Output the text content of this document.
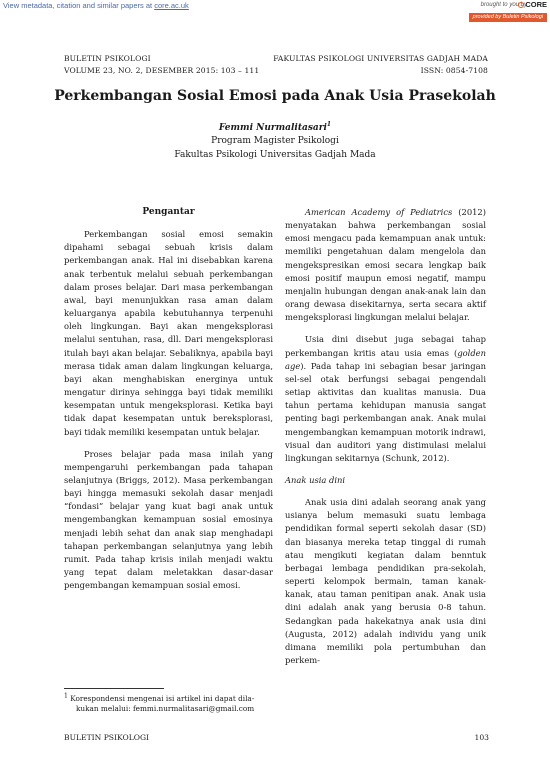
View metadata, citation and similar papers at core.ac.uk	brought to you by
CORE
provided by Buletin Psikologi
BULETIN PSIKOLOGI
VOLUME 23, NO. 2, DESEMBER 2015: 103 – 111
FAKULTAS PSIKOLOGI UNIVERSITAS GADJAH MADA
ISSN: 0854-7108
Perkembangan Sosial Emosi pada Anak Usia Prasekolah
Femmi Nurmalitasari$^1$
Program Magister Psikologi
Fakultas Psikologi Universitas Gadjah Mada
Pengantar

Perkembangan sosial emosi semakin dipahami sebagai sebuah krisis dalam perkembangan anak. Hal ini disebabkan karena anak terbentuk melalui sebuah perkembangan dalam proses belajar. Dari masa perkembangan awal, bayi menunjukkan rasa aman dalam keluarganya apabila kebutuhannya terpenuhi oleh lingkungan. Bayi akan mengeksplorasi melalui sentuhan, rasa, dll. Dari mengeksplorasi itulah bayi akan belajar. Sebaliknya, apabila bayi merasa tidak aman dalam lingkungan keluarga, bayi akan menghabiskan energinya untuk mengatur dirinya sehingga bayi tidak memiliki kesempatan untuk mengeksplorasi. Ketika bayi tidak dapat kesempatan untuk bereksplorasi, bayi tidak memiliki kesempatan untuk belajar.

Proses belajar pada masa inilah yang mempengaruhi perkembangan pada tahapan selanjutnya (Briggs, 2012). Masa perkembangan bayi hingga memasuki sekolah dasar menjadi “fondasi” belajar yang kuat bagi anak untuk mengembangkan kemampuan sosial emosinya menjadi lebih sehat dan anak siap menghadapi tahapan perkembangan selanjutnya yang lebih rumit. Pada tahap krisis inilah menjadi waktu yang tepat dalam meletakkan dasar-dasar pengembangan kemampuan sosial emosi.

American Academy of Pediatrics (2012) menyatakan bahwa perkembangan sosial emosi mengacu pada kemampuan anak untuk: memiliki pengetahuan dalam mengelola dan mengekspresikan emosi secara lengkap baik emosi positif maupun emosi negatif, mampu menjalin hubungan dengan anak-anak lain dan orang dewasa disekitarnya, serta secara aktif mengeksplorasi lingkungan melalui belajar.

Usia dini disebut juga sebagai tahap perkembangan kritis atau usia emas (golden age). Pada tahap ini sebagian besar jaringan sel-sel otak berfungsi sebagai pengendali setiap aktivitas dan kualitas manusia. Dua tahun pertama kehidupan manusia sangat penting bagi perkembangan anak. Anak mulai mengembangkan kemampuan motorik indrawi, visual dan auditori yang distimulasi melalui lingkungan sekitarnya (Schunk, 2012).

Anak usia dini

Anak usia dini adalah seorang anak yang usianya belum memasuki suatu lembaga pendidikan formal seperti sekolah dasar (SD) dan biasanya mereka tetap tinggal di rumah atau mengikuti kegiatan dalam benntuk berbagai lembaga pendidikan pra-sekolah, seperti kelompok bermain, taman kanak-kanak, atau taman penitipan anak. Anak usia dini adalah anak yang berusia 0-8 tahun. Sedangkan pada hakekatnya anak usia dini (Augusta, 2012) adalah individu yang unik dimana memiliki pola pertumbuhan dan perkem-

$^1$ Korespondensi mengenai isi artikel ini dapat dila-
kukan melalui: femmi.nurmalitasari@gmail.com
BULETIN PSIKOLOGI	103
